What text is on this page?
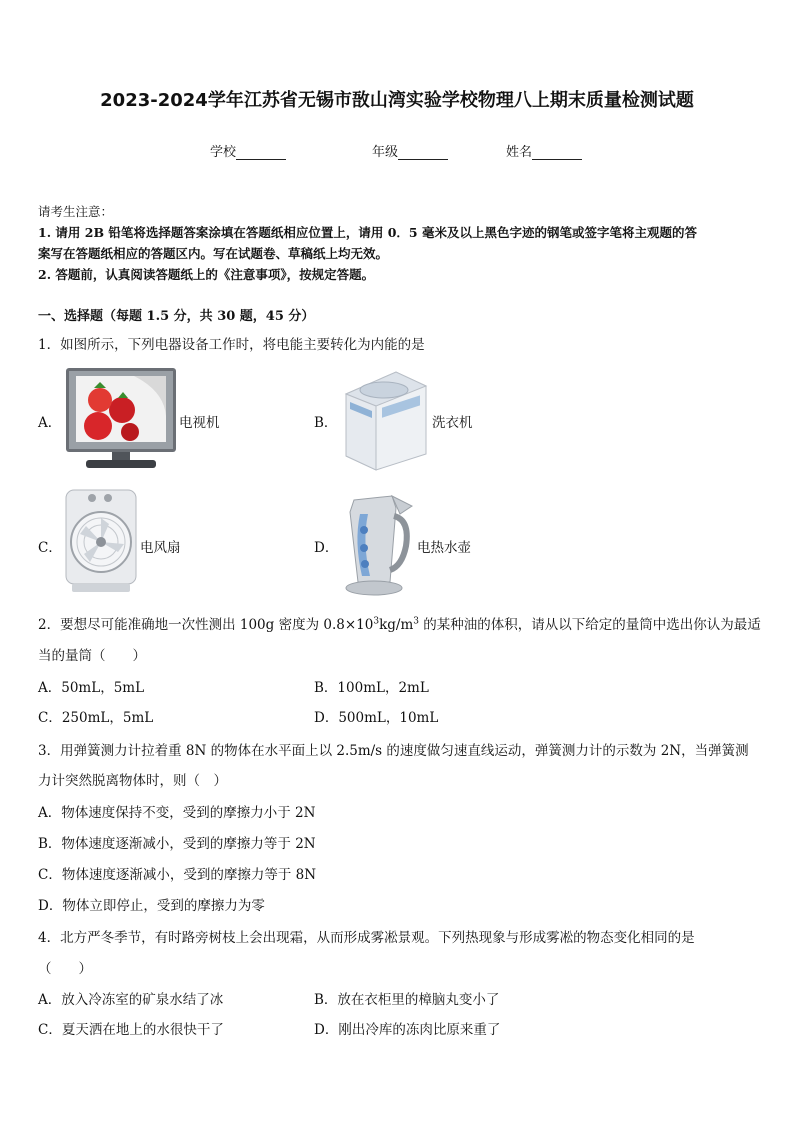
2023-2024学年江苏省无锡市敔山湾实验学校物理八上期末质量检测试题
学校	年级	姓名
请考生注意：
1. 请用 2B 铅笔将选择题答案涂填在答题纸相应位置上，请用 0．5 毫米及以上黑色字迹的钢笔或签字笔将主观题的答
案写在答题纸相应的答题区内。写在试题卷、草稿纸上均无效。
2. 答题前，认真阅读答题纸上的《注意事项》，按规定答题。
一、选择题（每题 1.5 分，共 30 题，45 分）
1．如图所示，下列电器设备工作时，将电能主要转化为内能的是
A．	电视机	B．	洗衣机
C．	电风扇	D．	电热水壶
2．要想尽可能准确地一次性测出 100g 密度为 $0.8\times 10^3kg/m^3$ 的某种油的体积，请从以下给定的量筒中选出你认为最适
当的量筒（　　）
A．50mL，5mL	B．100mL，2mL
C．250mL，5mL	D．500mL，10mL
3．用弹簧测力计拉着重 8N 的物体在水平面上以 2.5m/s 的速度做匀速直线运动，弹簧测力计的示数为 2N，当弹簧测
力计突然脱离物体时，则（　）
A．物体速度保持不变，受到的摩擦力小于 2N
B．物体速度逐渐减小，受到的摩擦力等于 2N
C．物体速度逐渐减小，受到的摩擦力等于 8N
D．物体立即停止，受到的摩擦力为零
4．北方严冬季节，有时路旁树枝上会出现霜，从而形成雾凇景观。下列热现象与形成雾凇的物态变化相同的是
（　　）
A．放入冷冻室的矿泉水结了冰	B．放在衣柜里的樟脑丸变小了
C．夏天洒在地上的水很快干了	D．刚出冷库的冻肉比原来重了
